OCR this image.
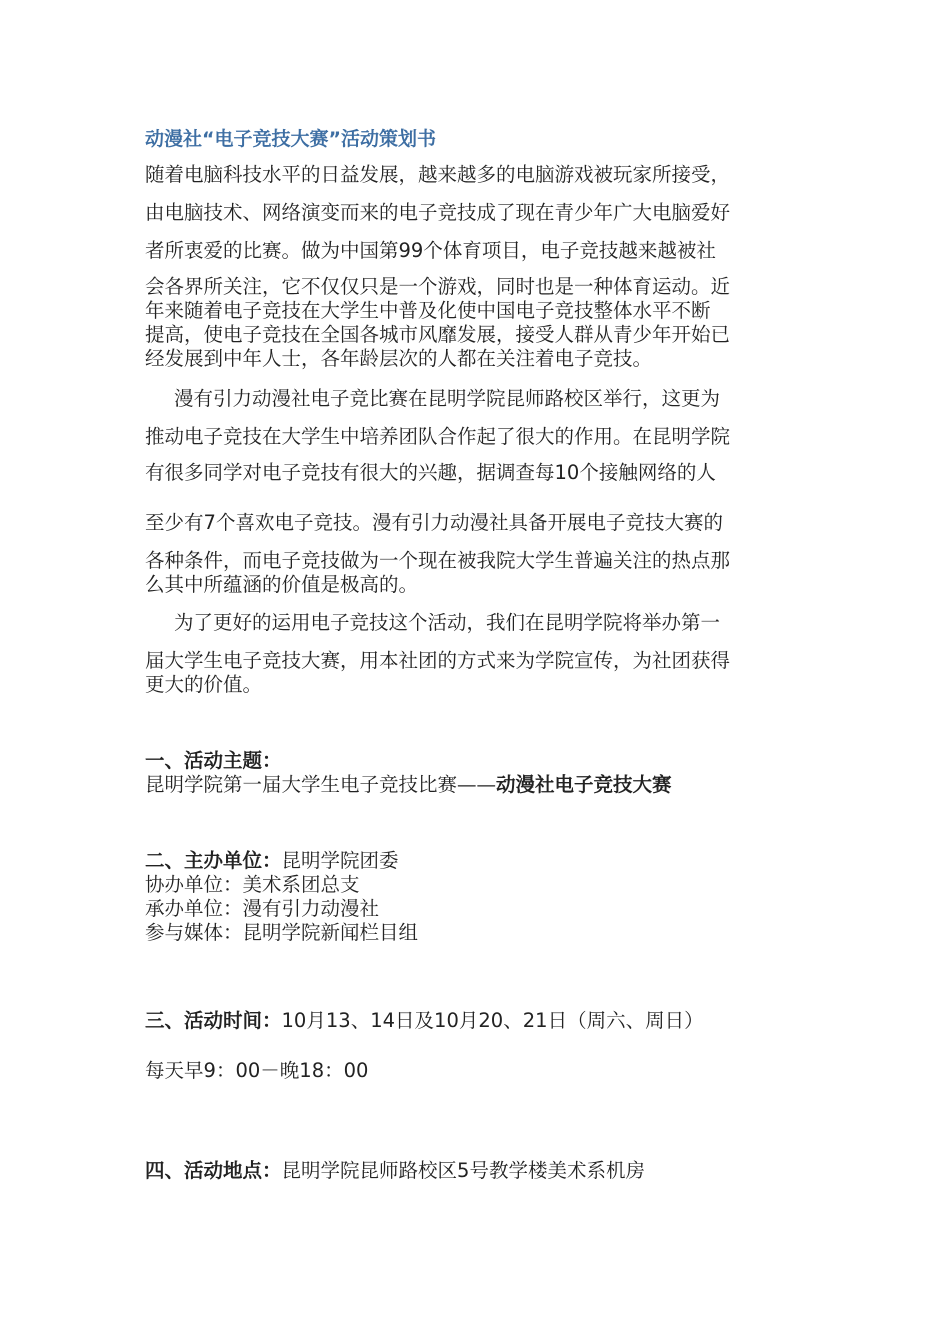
动漫社“电子竞技大赛”活动策划书
随着电脑科技水平的日益发展，越来越多的电脑游戏被玩家所接受，
由电脑技术、网络演变而来的电子竞技成了现在青少年广大电脑爱好
者所衷爱的比赛。做为中国第99个体育项目，电子竞技越来越被社
会各界所关注，它不仅仅只是一个游戏，同时也是一种体育运动。近
年来随着电子竞技在大学生中普及化使中国电子竞技整体水平不断
提高，使电子竞技在全国各城市风靡发展，接受人群从青少年开始已
经发展到中年人士，各年龄层次的人都在关注着电子竞技。
漫有引力动漫社电子竞比赛在昆明学院昆师路校区举行，这更为
推动电子竞技在大学生中培养团队合作起了很大的作用。在昆明学院
有很多同学对电子竞技有很大的兴趣，据调查每10个接触网络的人
至少有7个喜欢电子竞技。漫有引力动漫社具备开展电子竞技大赛的
各种条件，而电子竞技做为一个现在被我院大学生普遍关注的热点那
么其中所蕴涵的价值是极高的。
为了更好的运用电子竞技这个活动，我们在昆明学院将举办第一
届大学生电子竞技大赛，用本社团的方式来为学院宣传，为社团获得
更大的价值。
一、活动主题：
昆明学院第一届大学生电子竞技比赛——动漫社电子竞技大赛
二、主办单位：昆明学院团委
协办单位：美术系团总支
承办单位：漫有引力动漫社
参与媒体：昆明学院新闻栏目组
三、活动时间：10月13、14日及10月20、21日（周六、周日）
每天早9：00－晚18：00
四、活动地点：昆明学院昆师路校区5号教学楼美术系机房
